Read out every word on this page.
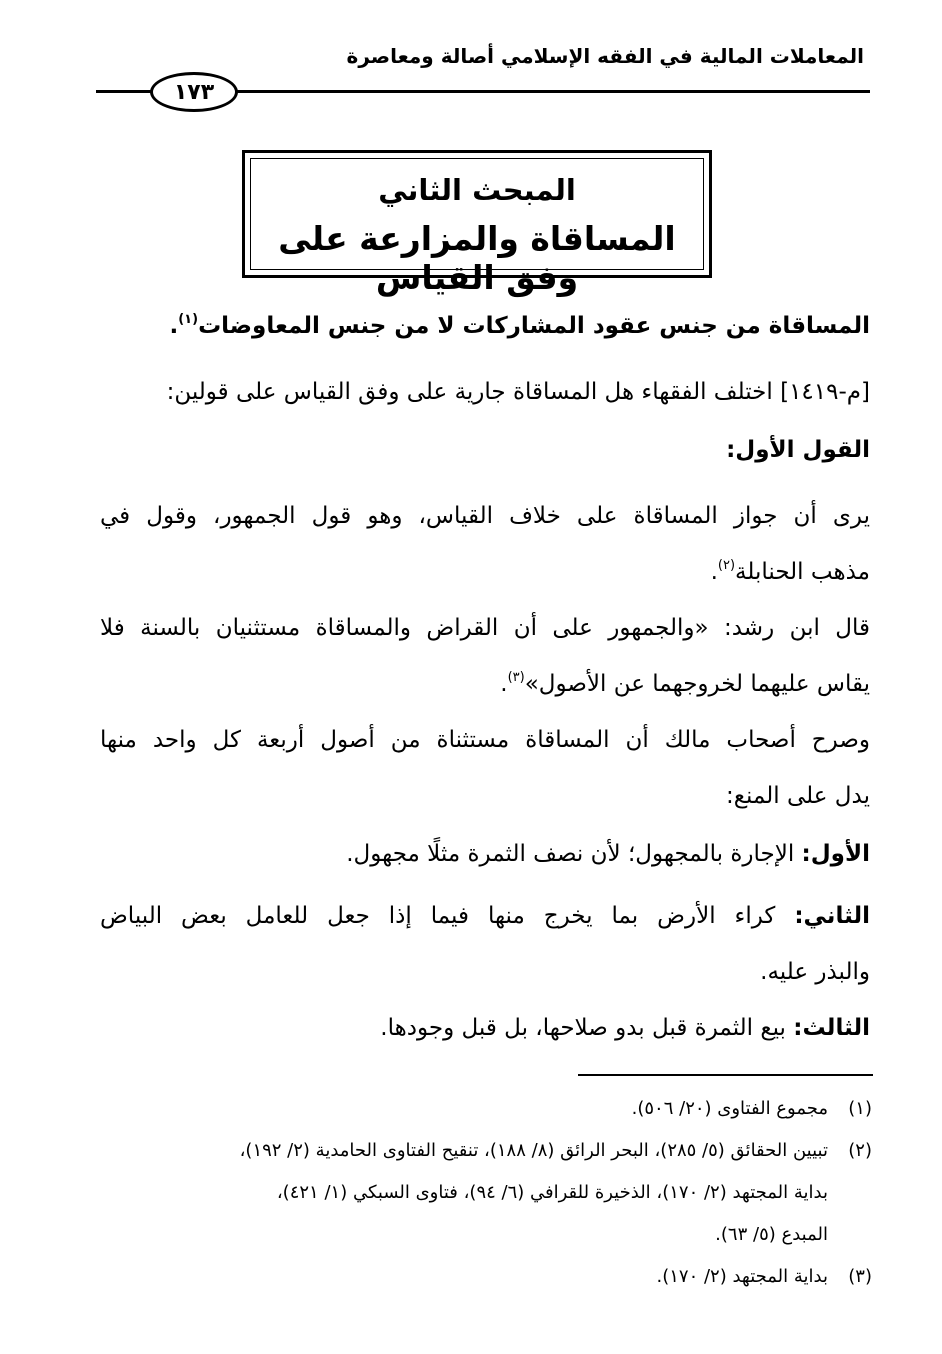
المعاملات المالية في الفقه الإسلامي أصالة ومعاصرة
١٧٣
المبحث الثاني
المساقاة والمزارعة على وفق القياس
المساقاة من جنس عقود المشاركات لا من جنس المعاوضات$^{(١)}$.
[م-١٤١٩] اختلف الفقهاء هل المساقاة جارية على وفق القياس على قولين:
القول الأول:
يرى أن جواز المساقاة على خلاف القياس، وهو قول الجمهور، وقول في
مذهب الحنابلة$^{(٢)}$.
قال ابن رشد: «والجمهور على أن القراض والمساقاة مستثنيان بالسنة فلا
يقاس عليهما لخروجهما عن الأصول»$^{(٣)}$.
وصرح أصحاب مالك أن المساقاة مستثناة من أصول أربعة كل واحد منها
يدل على المنع:
الأول: الإجارة بالمجهول؛ لأن نصف الثمرة مثلًا مجهول.
الثاني: كراء الأرض بما يخرج منها فيما إذا جعل للعامل بعض البياض
والبذر عليه.
الثالث: بيع الثمرة قبل بدو صلاحها، بل قبل وجودها.
(١)
مجموع الفتاوى (٢٠/ ٥٠٦).
(٢)
تبيين الحقائق (٥/ ٢٨٥)، البحر الرائق (٨/ ١٨٨)، تنقيح الفتاوى الحامدية (٢/ ١٩٢)،
بداية المجتهد (٢/ ١٧٠)، الذخيرة للقرافي (٦/ ٩٤)، فتاوى السبكي (١/ ٤٢١)،
المبدع (٥/ ٦٣).
(٣)
بداية المجتهد (٢/ ١٧٠).
